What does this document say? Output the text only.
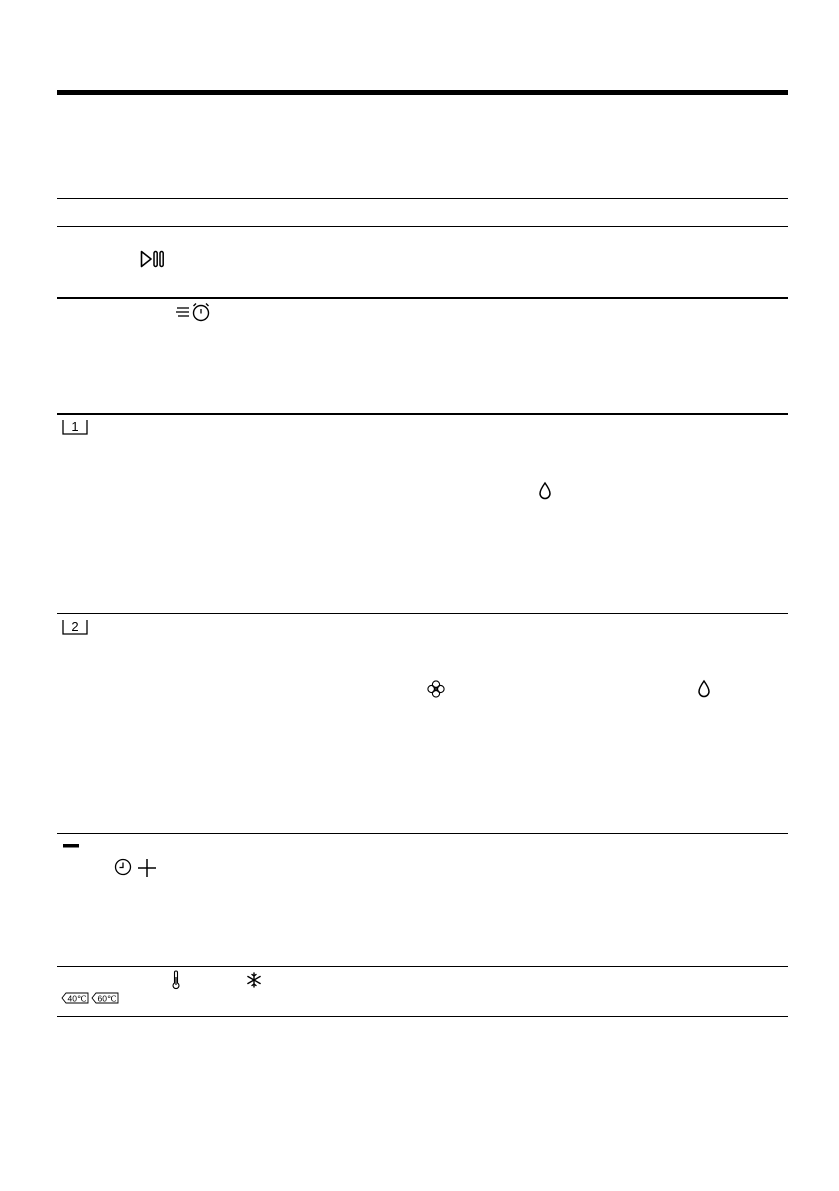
1
2
40℃ 60℃
